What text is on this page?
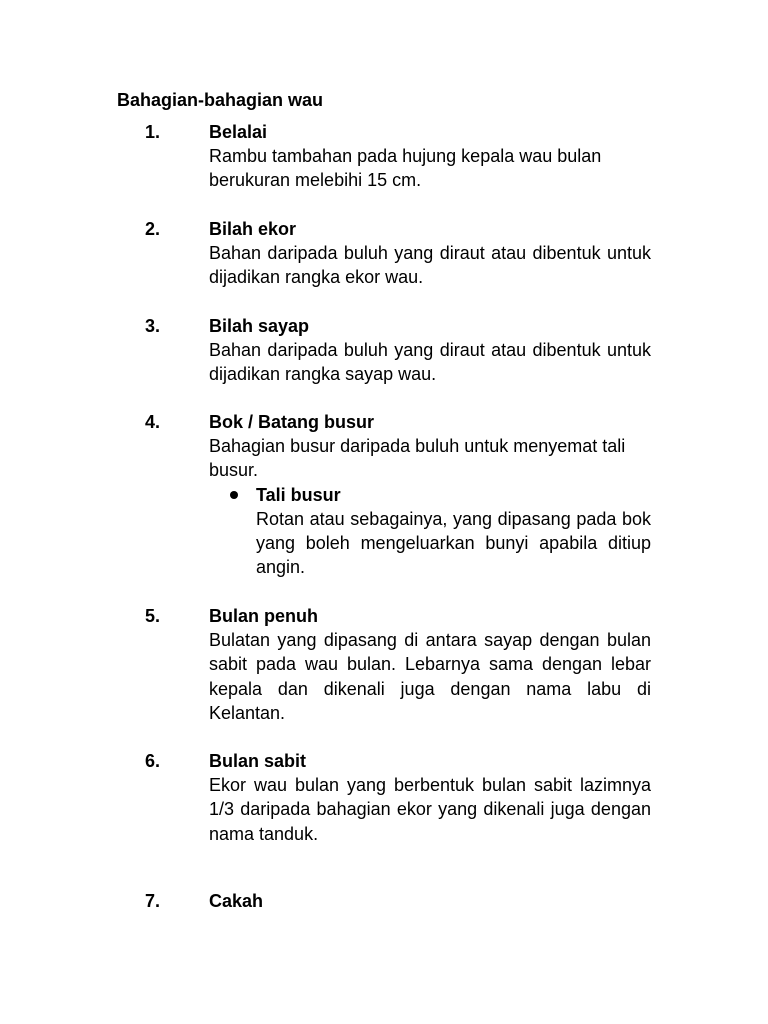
Bahagian-bahagian wau
1.	Belalai

Rambu tambahan pada hujung kepala wau bulan berukuran melebihi 15 cm.

2.	Bilah ekor

Bahan daripada buluh yang diraut atau dibentuk untuk dijadikan rangka ekor wau.

3.	Bilah sayap

Bahan daripada buluh yang diraut atau dibentuk untuk dijadikan rangka sayap wau.

4.	Bok / Batang busur

Bahagian busur daripada buluh untuk menyemat tali busur.

Tali busur

Rotan atau sebagainya, yang dipasang pada bok yang boleh mengeluarkan bunyi apabila ditiup angin.

5.	Bulan penuh

Bulatan yang dipasang di antara sayap dengan bulan sabit pada wau bulan. Lebarnya sama dengan lebar kepala dan dikenali juga dengan nama labu di Kelantan.

6.	Bulan sabit

Ekor wau bulan yang berbentuk bulan sabit lazimnya 1/3 daripada bahagian ekor yang dikenali juga dengan nama tanduk.

7.	Cakah
